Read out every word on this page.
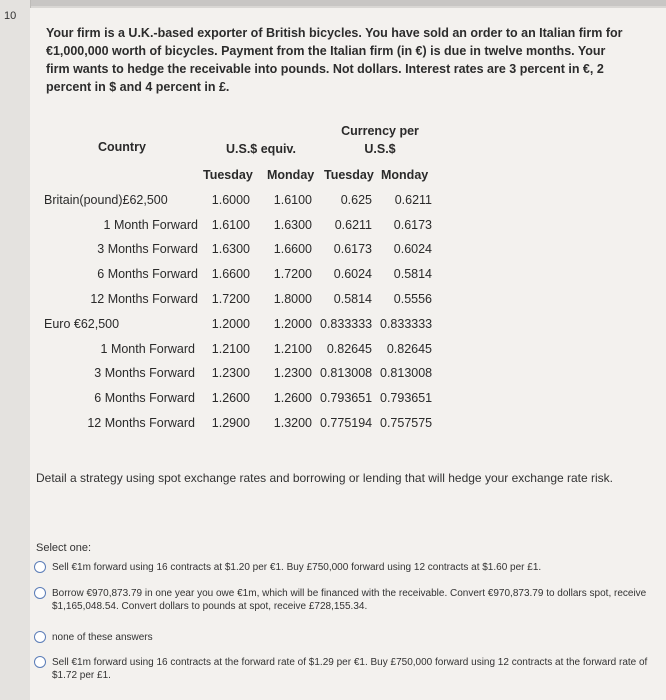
10
Your firm is a U.K.-based exporter of British bicycles. You have sold an order to an Italian firm for €1,000,000 worth of bicycles. Payment from the Italian firm (in €) is due in twelve months. Your firm wants to hedge the receivable into pounds. Not dollars. Interest rates are 3 percent in €, 2 percent in $ and 4 percent in £.
Country	U.S.$ equiv.
Currency per
U.S.$
Tuesday Monday Tuesday Monday
Britain(pound)£62,500	1.6000	1.6100	0.625	0.6211
1 Month Forward	1.6100	1.6300	0.6211	0.6173
3 Months Forward	1.6300	1.6600	0.6173	0.6024
6 Months Forward	1.6600	1.7200	0.6024	0.5814
12 Months Forward	1.7200	1.8000	0.5814	0.5556
Euro €62,500	1.2000	1.2000 0.833333 0.833333
1 Month Forward	1.2100	1.2100	0.82645	0.82645
3 Months Forward	1.2300	1.2300 0.813008 0.813008
6 Months Forward	1.2600	1.2600 0.793651 0.793651
12 Months Forward	1.2900	1.3200 0.775194 0.757575
Detail a strategy using spot exchange rates and borrowing or lending that will hedge your exchange rate risk.
Select one:
Sell €1m forward using 16 contracts at $1.20 per €1. Buy £750,000 forward using 12 contracts at $1.60 per £1.
Borrow €970,873.79 in one year you owe €1m, which will be financed with the receivable. Convert €970,873.79 to dollars spot, receive $1,165,048.54. Convert dollars to pounds at spot, receive £728,155.34.
none of these answers
Sell €1m forward using 16 contracts at the forward rate of $1.29 per €1. Buy £750,000 forward using 12 contracts at the forward rate of $1.72 per £1.
